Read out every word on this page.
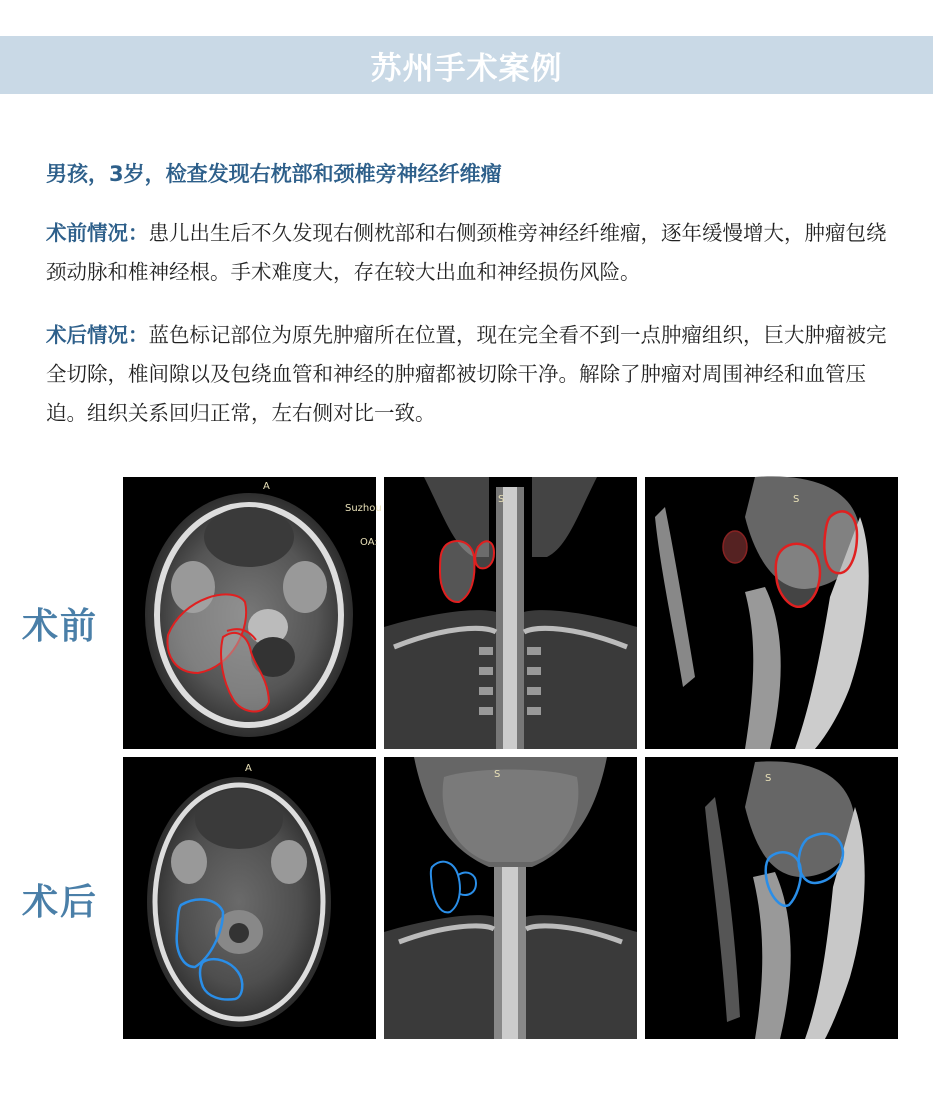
苏州手术案例
男孩，3岁，检查发现右枕部和颈椎旁神经纤维瘤
术前情况：患儿出生后不久发现右侧枕部和右侧颈椎旁神经纤维瘤，逐年缓慢增大，肿瘤包绕颈动脉和椎神经根。手术难度大，存在较大出血和神经损伤风险。
术后情况：蓝色标记部位为原先肿瘤所在位置，现在完全看不到一点肿瘤组织，巨大肿瘤被完全切除，椎间隙以及包绕血管和神经的肿瘤都被切除干净。解除了肿瘤对周围神经和血管压迫。组织关系回归正常，左右侧对比一致。
术前
术后
A
Suzhou
OA:
S	S
A
S	S
